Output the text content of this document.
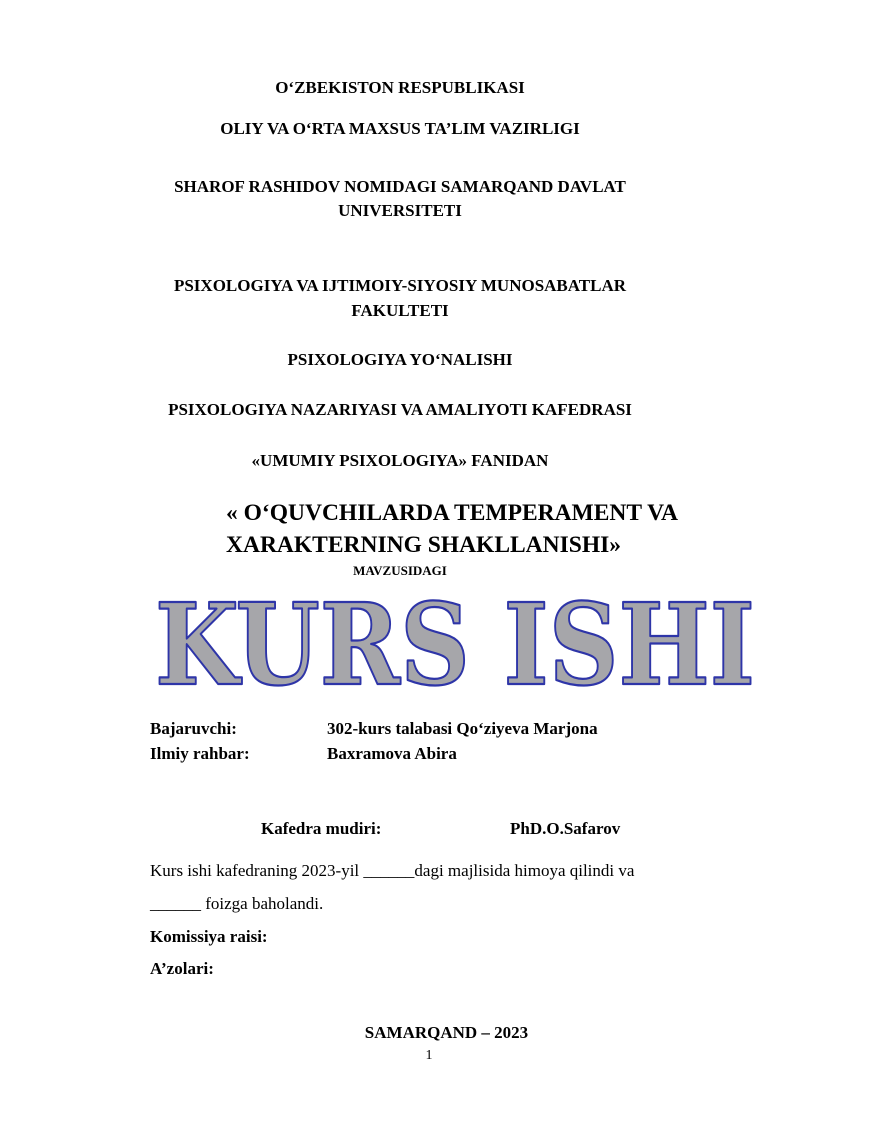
O‘ZBEKISTON RESPUBLIKASI
OLIY VA O‘RTA MAXSUS TA’LIM VAZIRLIGI
SHAROF RASHIDOV NOMIDAGI SAMARQAND DAVLAT
UNIVERSITETI
PSIXOLOGIYA VA IJTIMOIY-SIYOSIY MUNOSABATLAR
FAKULTETI
PSIXOLOGIYA YO‘NALISHI
PSIXOLOGIYA NAZARIYASI VA AMALIYOTI KAFEDRASI
«UMUMIY PSIXOLOGIYA» FANIDAN
« O‘QUVCHILARDA TEMPERAMENT VA
XARAKTERNING SHAKLLANISHI»
MAVZUSIDAGI
KURS ISHI
Bajaruvchi:	302-kurs talabasi Qo‘ziyeva Marjona
Ilmiy rahbar:	Baxramova Abira
Kafedra mudiri:	PhD.O.Safarov
Kurs ishi kafedraning 2023-yil ______dagi majlisida himoya qilindi va
______ foizga baholandi.
Komissiya raisi:
A’zolari:
SAMARQAND – 2023
1
